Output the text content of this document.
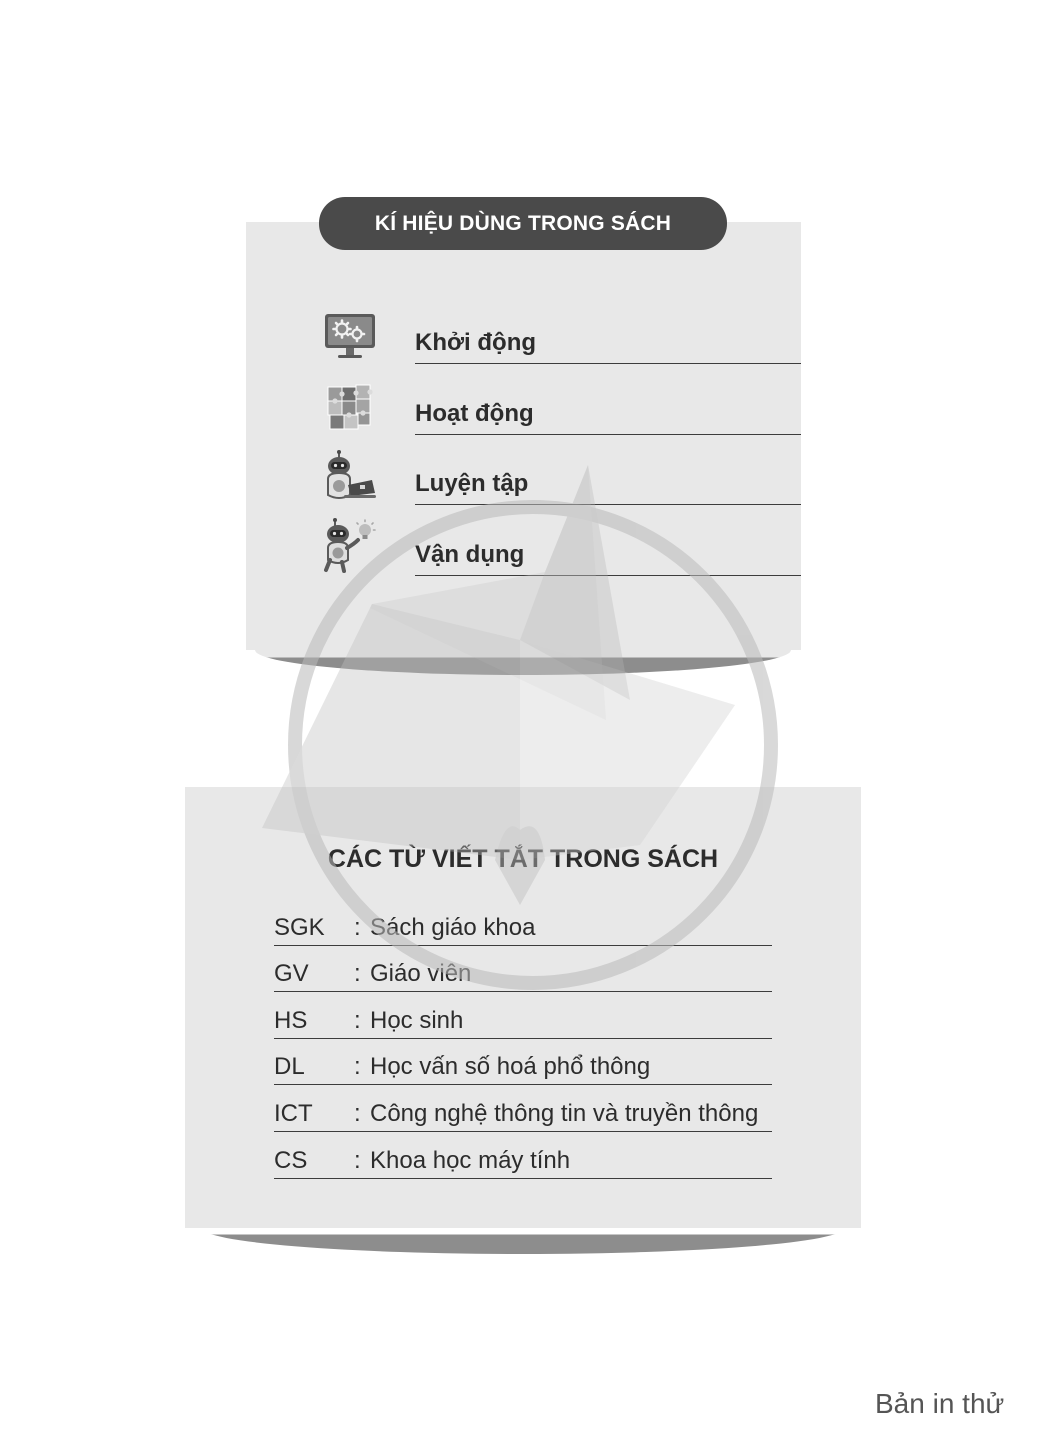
Khởi động
Hoạt động
Luyện tập
Vận dụng
KÍ HIỆU DÙNG TRONG SÁCH
CÁC TỪ VIẾT TẮT TRONG SÁCH
SGK : Sách giáo khoa
GV : Giáo viên
HS : Học sinh
DL : Học vấn số hoá phổ thông
ICT : Công nghệ thông tin và truyền thông
CS : Khoa học máy tính
Bản in thử
